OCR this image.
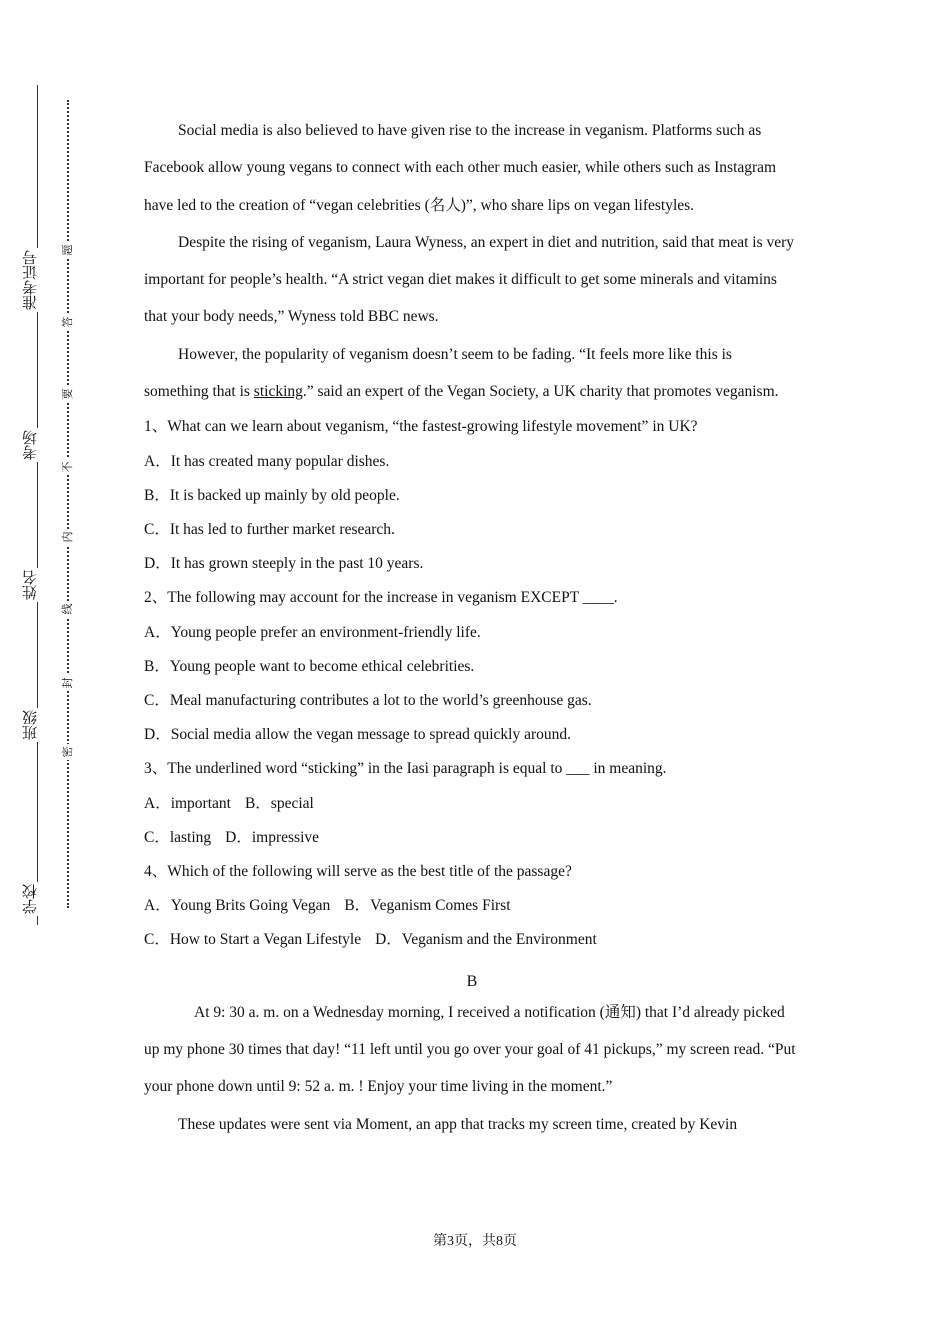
准考证号
考场
姓名
班级
学校
题
答
要
不
内
线
封
密

Social media is also believed to have given rise to the increase in veganism. Platforms such as Facebook allow young vegans to connect with each other much easier, while others such as Instagram have led to the creation of “vegan celebrities (名人)”, who share lips on vegan lifestyles.

Despite the rising of veganism, Laura Wyness, an expert in diet and nutrition, said that meat is very important for people’s health. “A strict vegan diet makes it difficult to get some minerals and vitamins that your body needs,” Wyness told BBC news.

However, the popularity of veganism doesn’t seem to be fading. “It feels more like this is something that is sticking.” said an expert of the Vegan Society, a UK charity that promotes veganism.

1、What can we learn about veganism, “the fastest-growing lifestyle movement” in UK?

A．It has created many popular dishes.

B．It is backed up mainly by old people.

C．It has led to further market research.

D．It has grown steeply in the past 10 years.

2、The following may account for the increase in veganism EXCEPT ____.

A．Young people prefer an environment-friendly life.

B．Young people want to become ethical celebrities.

C．Meal manufacturing contributes a lot to the world’s greenhouse gas.

D．Social media allow the vegan message to spread quickly around.

3、The underlined word “sticking” in the Iasi paragraph is equal to ___ in meaning.

A．important B．special

C．lasting D．impressive

4、Which of the following will serve as the best title of the passage?

A．Young Brits Going Vegan B．Veganism Comes First

C．How to Start a Vegan Lifestyle D．Veganism and the Environment

B

At 9: 30 a. m. on a Wednesday morning, I received a notification (通知) that I’d already picked up my phone 30 times that day! “11 left until you go over your goal of 41 pickups,” my screen read. “Put your phone down until 9: 52 a. m. ! Enjoy your time living in the moment.”

These updates were sent via Moment, an app that tracks my screen time, created by Kevin

第3页，共8页
